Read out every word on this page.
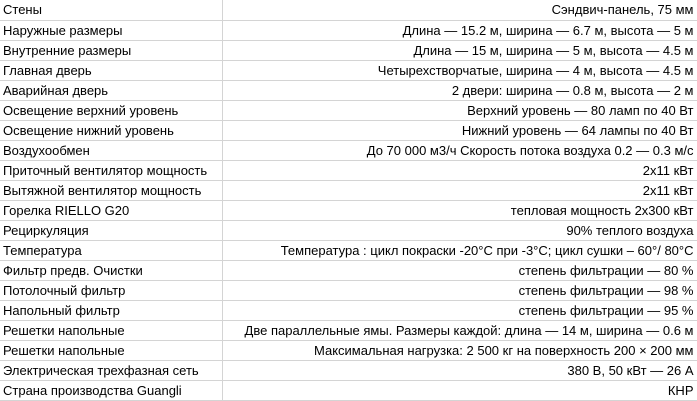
Стены	Сэндвич-панель, 75 мм
Наружные размеры	Длина — 15.2 м, ширина — 6.7 м, высота — 5 м
Внутренние размеры	Длина — 15 м, ширина — 5 м, высота — 4.5 м
Главная дверь	Четырехстворчатые, ширина — 4 м, высота — 4.5 м
Аварийная дверь	2 двери: ширина — 0.8 м, высота — 2 м
Освещение верхний уровень	Верхний уровень — 80 ламп по 40 Вт
Освещение нижний уровень	Нижний уровень — 64 лампы по 40 Вт
Воздухообмен	До 70 000 м3/ч Скорость потока воздуха 0.2 — 0.3 м/с
Приточный вентилятор мощность	2x11 кВт
Вытяжной вентилятор мощность	2x11 кВт
Горелка RIELLO G20	тепловая мощность 2x300 кВт
Рециркуляция	90% теплого воздуха
Температура	Температура : цикл покраски -20°С при -3°С; цикл сушки – 60°/ 80°С
Фильтр предв. Очистки	степень фильтрации — 80 %
Потолочный фильтр	степень фильтрации — 98 %
Напольный фильтр	степень фильтрации — 95 %
Решетки напольные	Две параллельные ямы. Размеры каждой: длина — 14 м, ширина — 0.6 м
Решетки напольные	Максимальная нагрузка: 2 500 кг на поверхность 200 × 200 мм
Электрическая трехфазная сеть	380 В, 50 кВт — 26 А
Страна производства Guangli	КНР
